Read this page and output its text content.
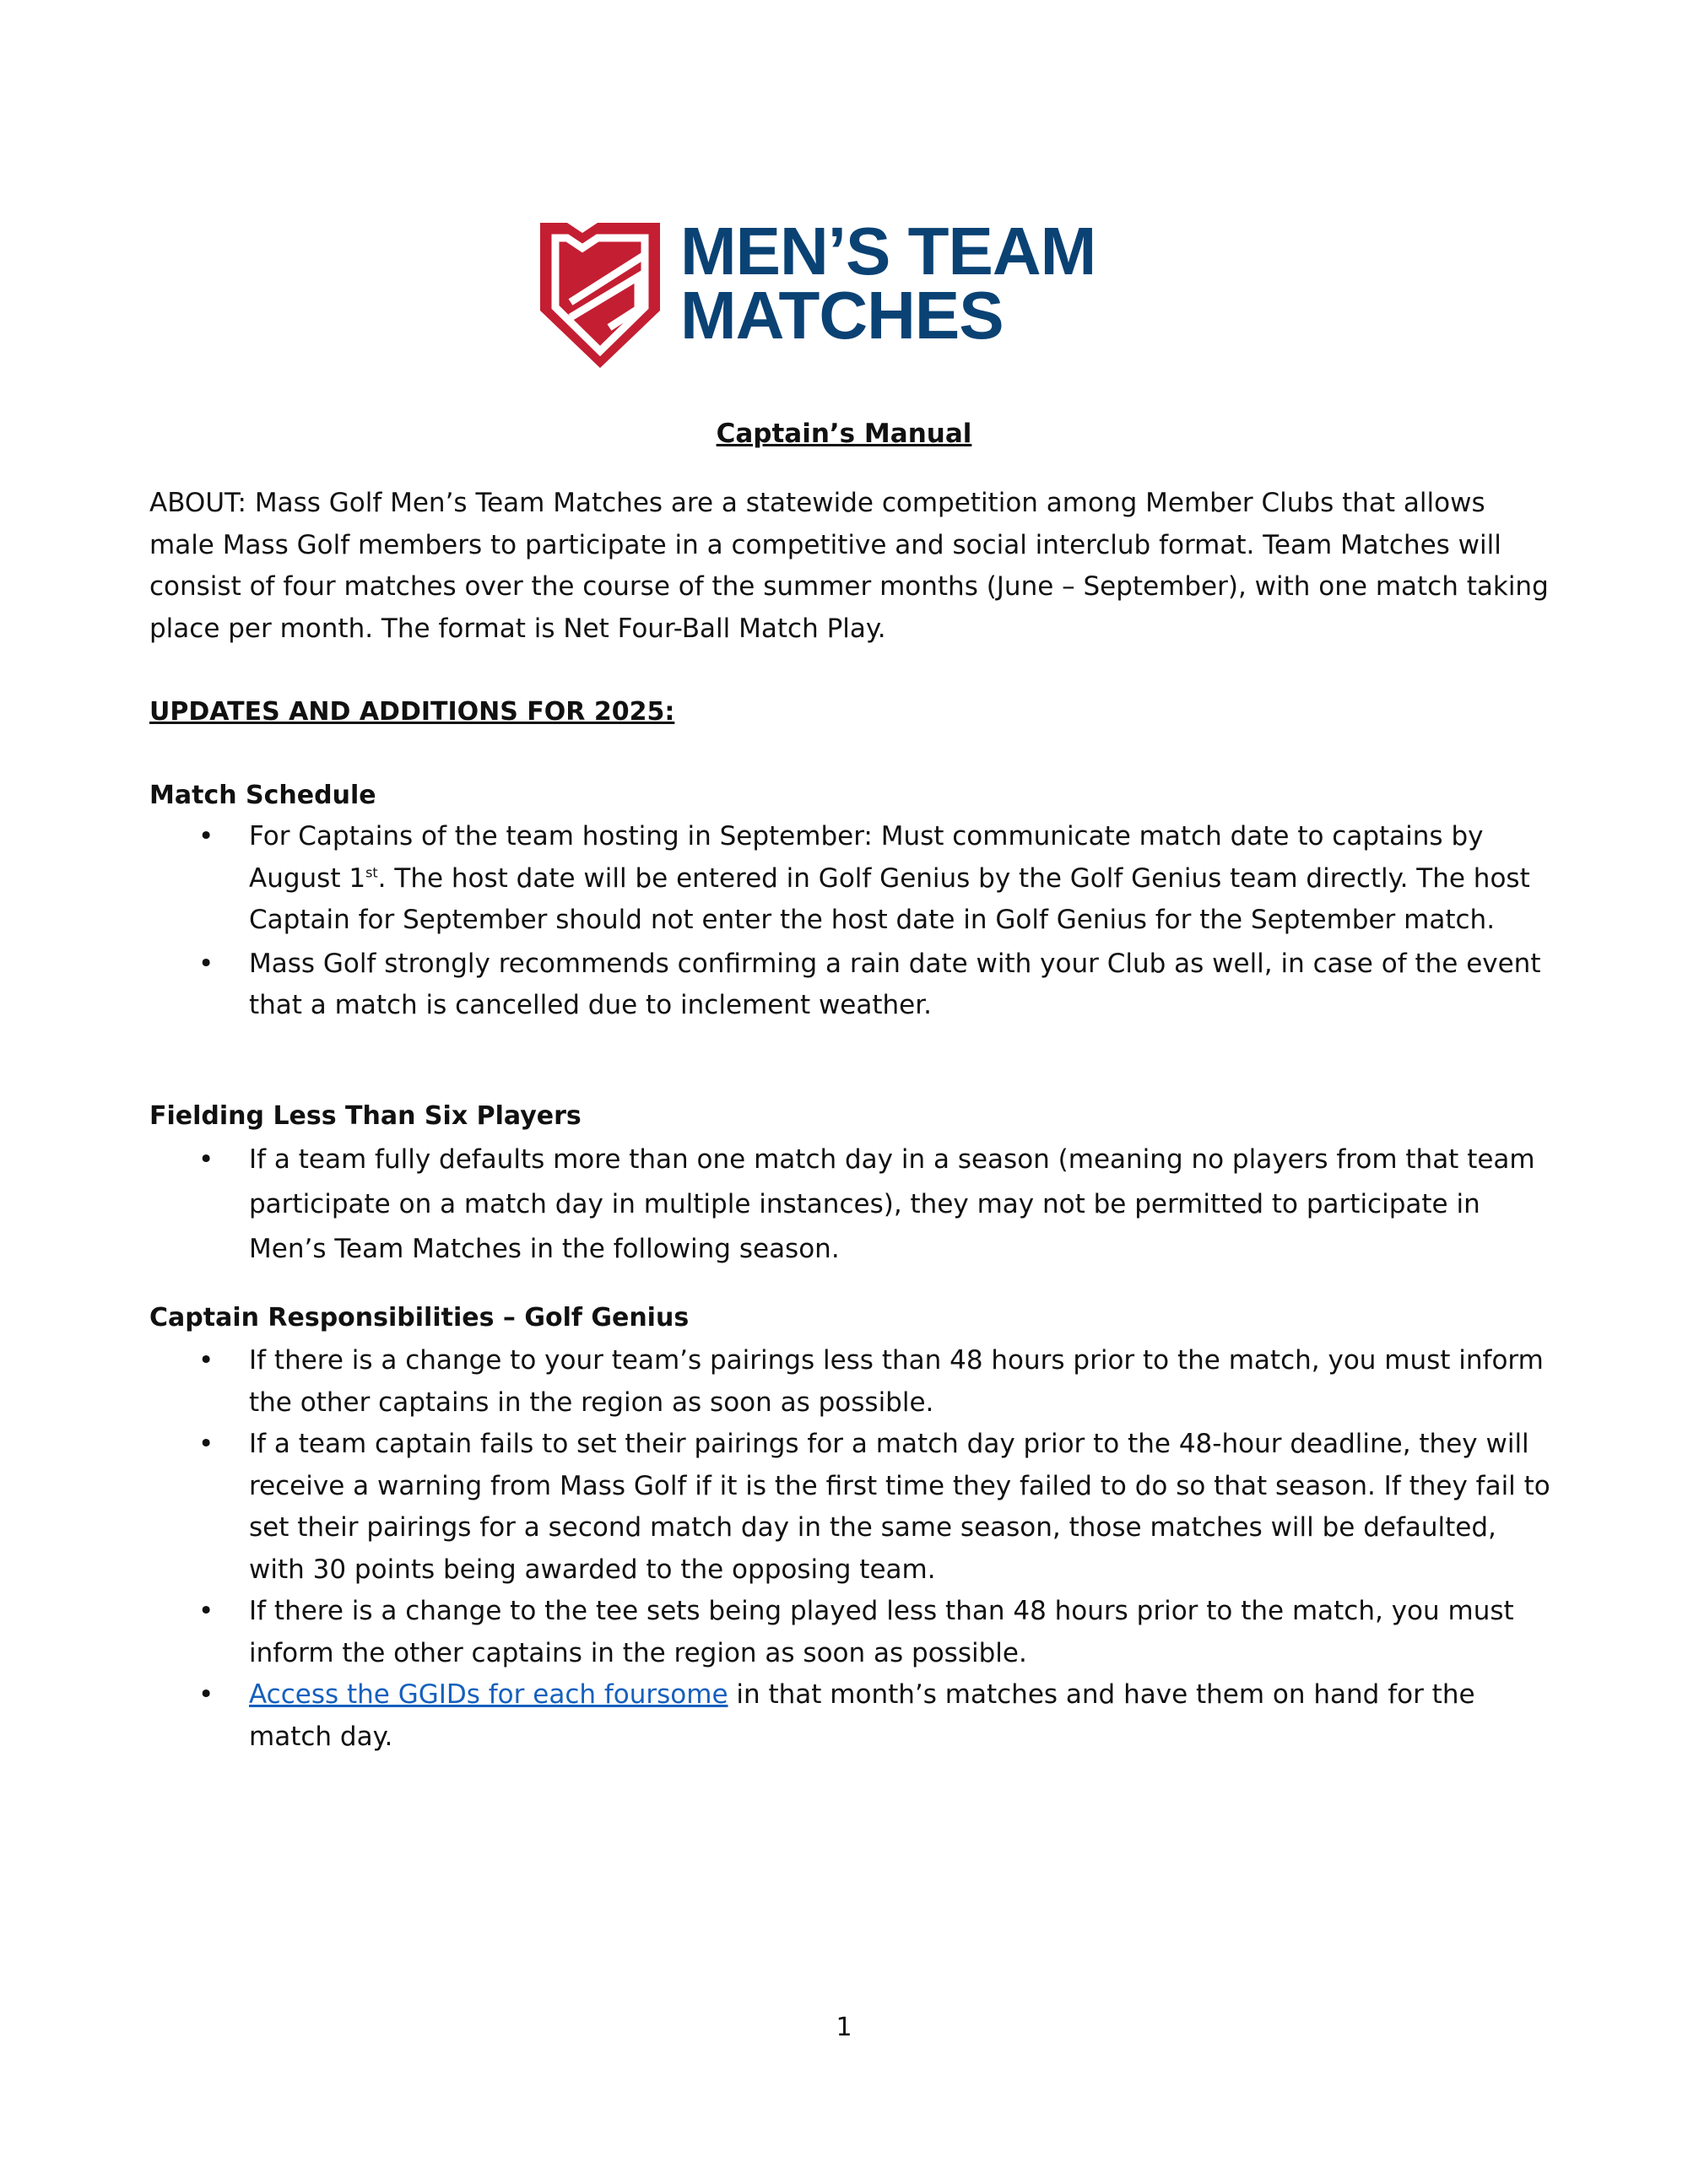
MEN’S TEAM
MATCHES
Captain’s Manual
ABOUT: Mass Golf Men’s Team Matches are a statewide competition among Member Clubs that allows male Mass Golf members to participate in a competitive and social interclub format. Team Matches will consist of four matches over the course of the summer months (June – September), with one match taking place per month. The format is Net Four-Ball Match Play.
UPDATES AND ADDITIONS FOR 2025:
Match Schedule
• For Captains of the team hosting in September: Must communicate match date to captains by August 1st. The host date will be entered in Golf Genius by the Golf Genius team directly. The host Captain for September should not enter the host date in Golf Genius for the September match.
• Mass Golf strongly recommends confirming a rain date with your Club as well, in case of the event that a match is cancelled due to inclement weather.
Fielding Less Than Six Players
• If a team fully defaults more than one match day in a season (meaning no players from that team participate on a match day in multiple instances), they may not be permitted to participate in Men’s Team Matches in the following season.
Captain Responsibilities – Golf Genius
• If there is a change to your team’s pairings less than 48 hours prior to the match, you must inform the other captains in the region as soon as possible.
• If a team captain fails to set their pairings for a match day prior to the 48-hour deadline, they will receive a warning from Mass Golf if it is the first time they failed to do so that season. If they fail to set their pairings for a second match day in the same season, those matches will be defaulted, with 30 points being awarded to the opposing team.
• If there is a change to the tee sets being played less than 48 hours prior to the match, you must inform the other captains in the region as soon as possible.
• Access the GGIDs for each foursome in that month’s matches and have them on hand for the match day.
1
